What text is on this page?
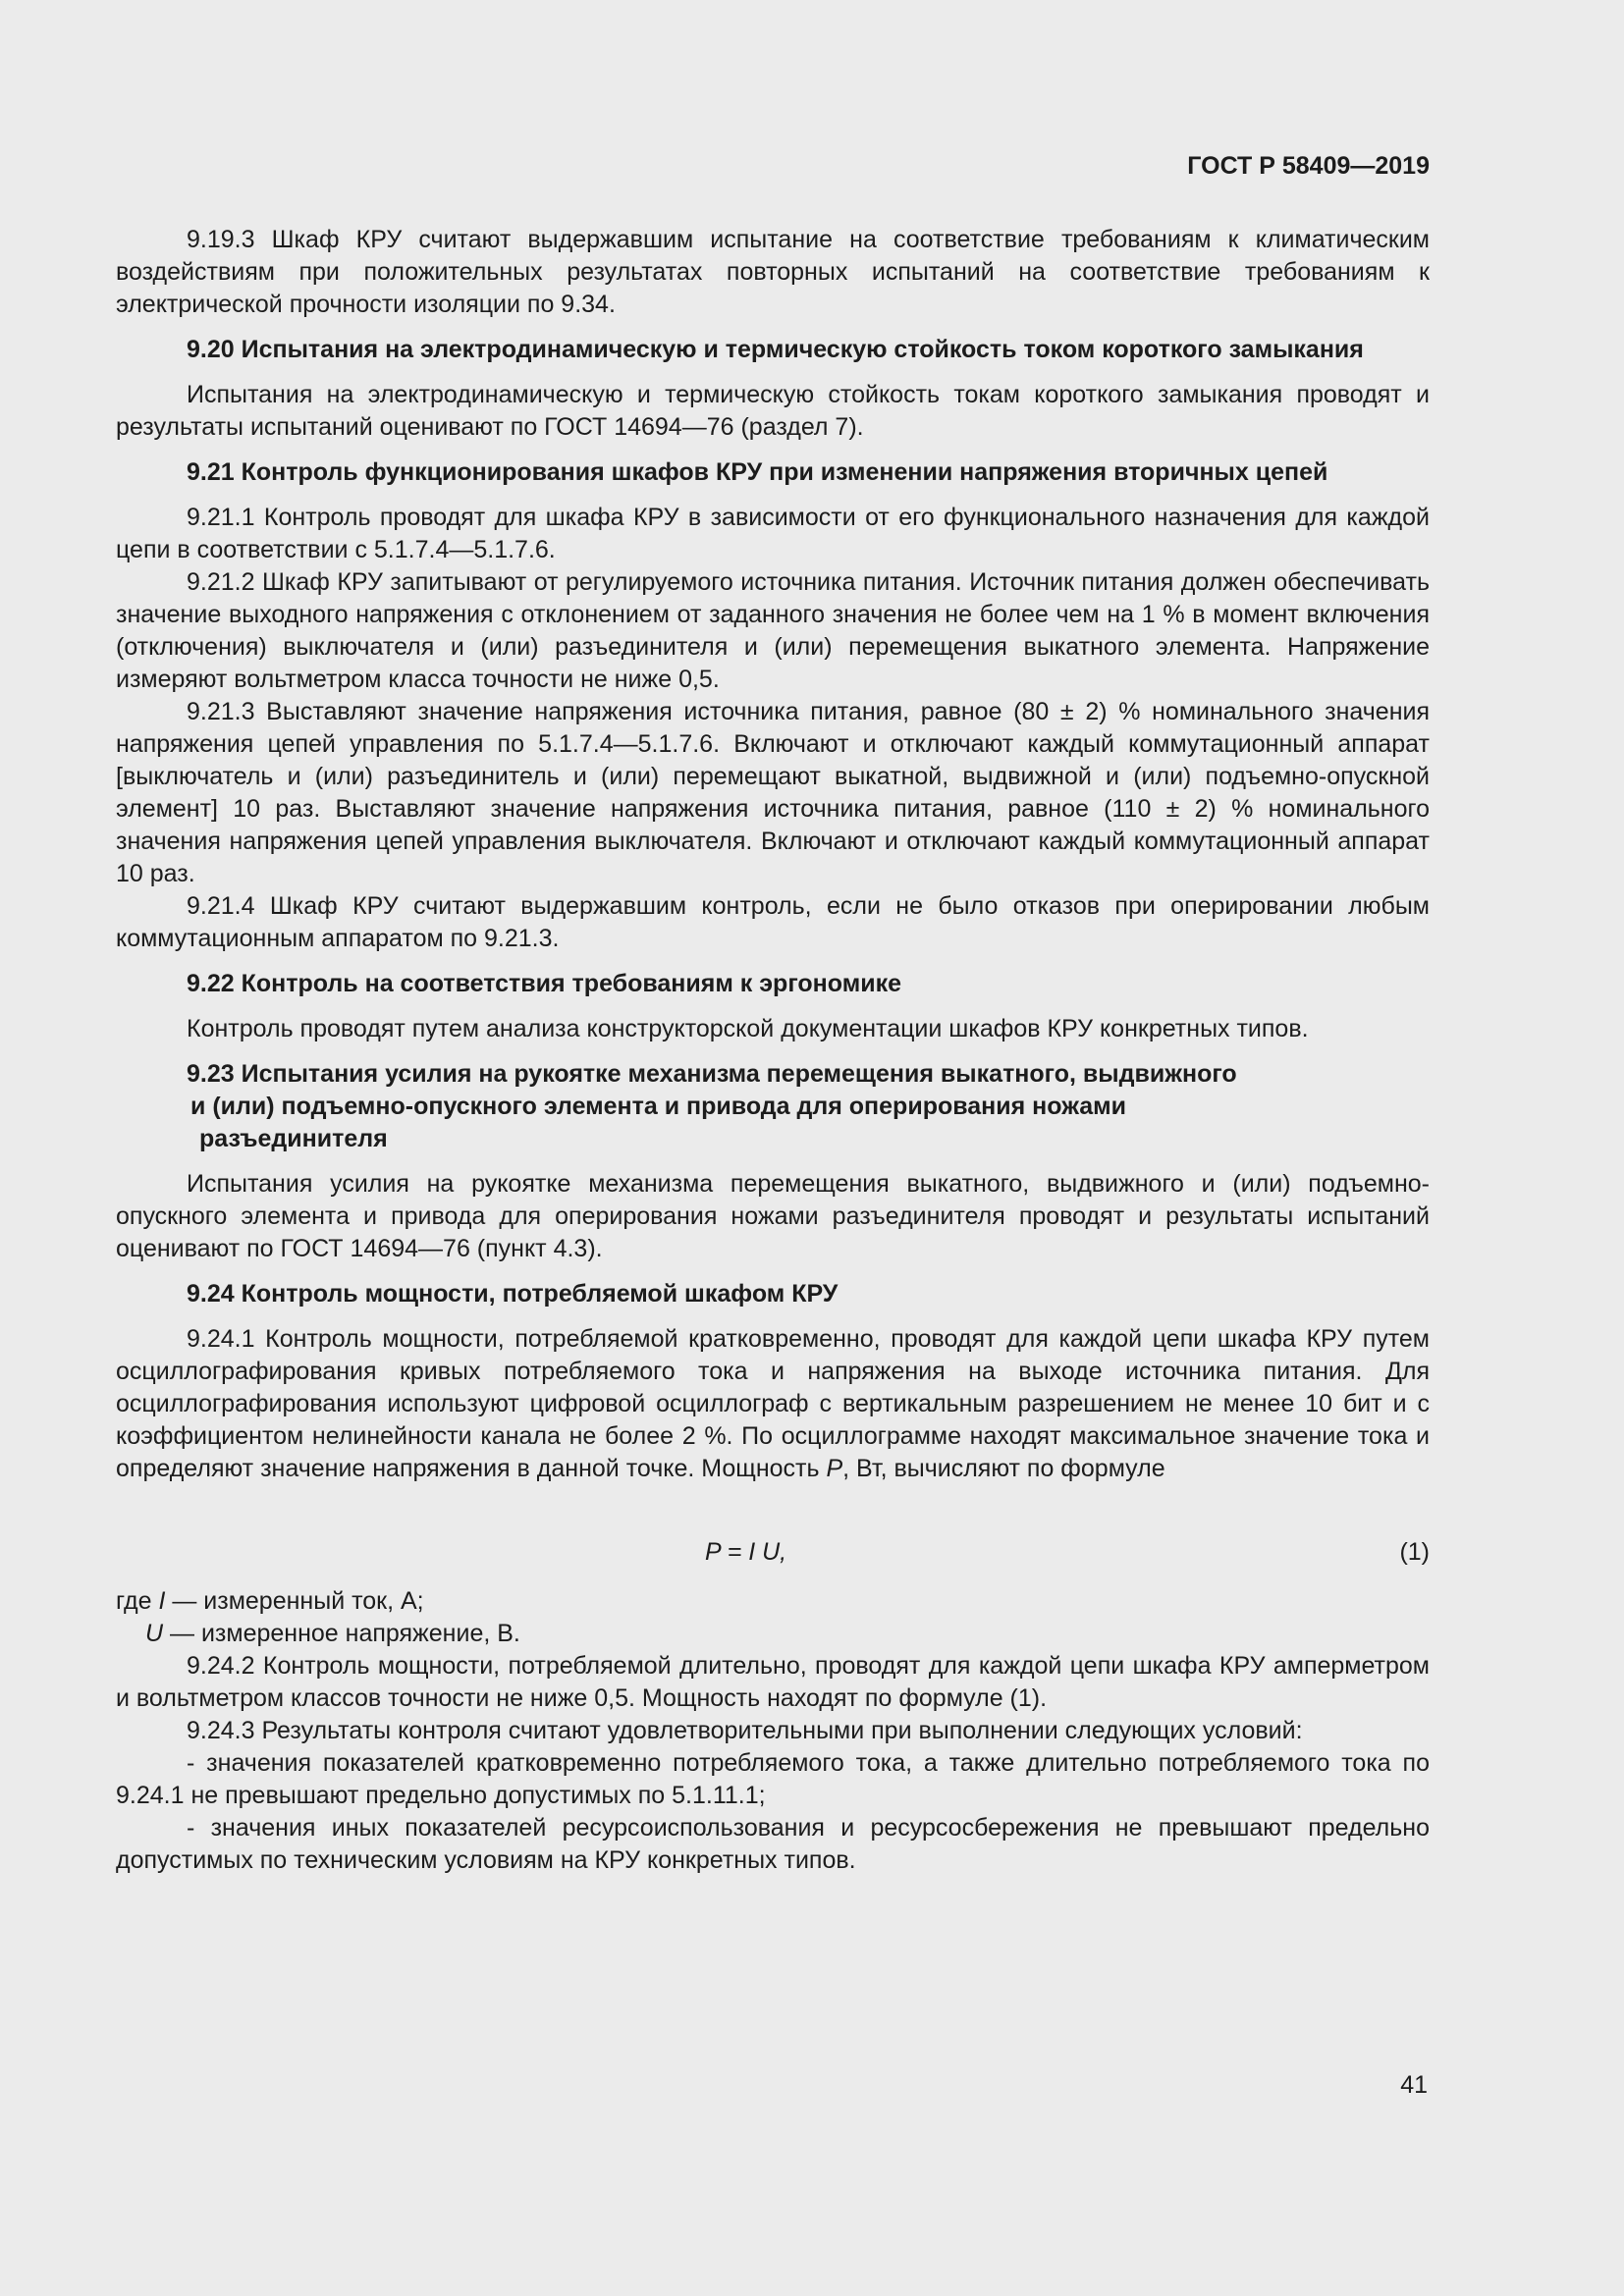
ГОСТ Р 58409—2019

9.19.3 Шкаф КРУ считают выдержавшим испытание на соответствие требованиям к климатическим воздействиям при положительных результатах повторных испытаний на соответствие требованиям к электрической прочности изоляции по 9.34.

9.20 Испытания на электродинамическую и термическую стойкость током короткого замыкания

Испытания на электродинамическую и термическую стойкость токам короткого замыкания проводят и результаты испытаний оценивают по ГОСТ 14694—76 (раздел 7).

9.21 Контроль функционирования шкафов КРУ при изменении напряжения вторичных цепей

9.21.1 Контроль проводят для шкафа КРУ в зависимости от его функционального назначения для каждой цепи в соответствии с 5.1.7.4—5.1.7.6.

9.21.2 Шкаф КРУ запитывают от регулируемого источника питания. Источник питания должен обеспечивать значение выходного напряжения с отклонением от заданного значения не более чем на 1 % в момент включения (отключения) выключателя и (или) разъединителя и (или) перемещения выкатного элемента. Напряжение измеряют вольтметром класса точности не ниже 0,5.

9.21.3 Выставляют значение напряжения источника питания, равное (80 ± 2) % номинального значения напряжения цепей управления по 5.1.7.4—5.1.7.6. Включают и отключают каждый коммутационный аппарат [выключатель и (или) разъединитель и (или) перемещают выкатной, выдвижной и (или) подъемно-опускной элемент] 10 раз. Выставляют значение напряжения источника питания, равное (110 ± 2) % номинального значения напряжения цепей управления выключателя. Включают и отключают каждый коммутационный аппарат 10 раз.

9.21.4 Шкаф КРУ считают выдержавшим контроль, если не было отказов при оперировании любым коммутационным аппаратом по 9.21.3.

9.22 Контроль на соответствия требованиям к эргономике

Контроль проводят путем анализа конструкторской документации шкафов КРУ конкретных типов.

9.23 Испытания усилия на рукоятке механизма перемещения выкатного, выдвижного
и (или) подъемно-опускного элемента и привода для оперирования ножами
разъединителя

Испытания усилия на рукоятке механизма перемещения выкатного, выдвижного и (или) подъемно-опускного элемента и привода для оперирования ножами разъединителя проводят и результаты испытаний оценивают по ГОСТ 14694—76 (пункт 4.3).

9.24 Контроль мощности, потребляемой шкафом КРУ

9.24.1 Контроль мощности, потребляемой кратковременно, проводят для каждой цепи шкафа КРУ путем осциллографирования кривых потребляемого тока и напряжения на выходе источника питания. Для осциллографирования используют цифровой осциллограф с вертикальным разрешением не менее 10 бит и с коэффициентом нелинейности канала не более 2 %. По осциллограмме находят максимальное значение тока и определяют значение напряжения в данной точке. Мощность P, Вт, вычисляют по формуле

P = I U,	(1)

где I — измеренный ток, А;

U — измеренное напряжение, В.

9.24.2 Контроль мощности, потребляемой длительно, проводят для каждой цепи шкафа КРУ амперметром и вольтметром классов точности не ниже 0,5. Мощность находят по формуле (1).

9.24.3 Результаты контроля считают удовлетворительными при выполнении следующих условий:

- значения показателей кратковременно потребляемого тока, а также длительно потребляемого тока по 9.24.1 не превышают предельно допустимых по 5.1.11.1;

- значения иных показателей ресурсоиспользования и ресурсосбережения не превышают предельно допустимых по техническим условиям на КРУ конкретных типов.

41
